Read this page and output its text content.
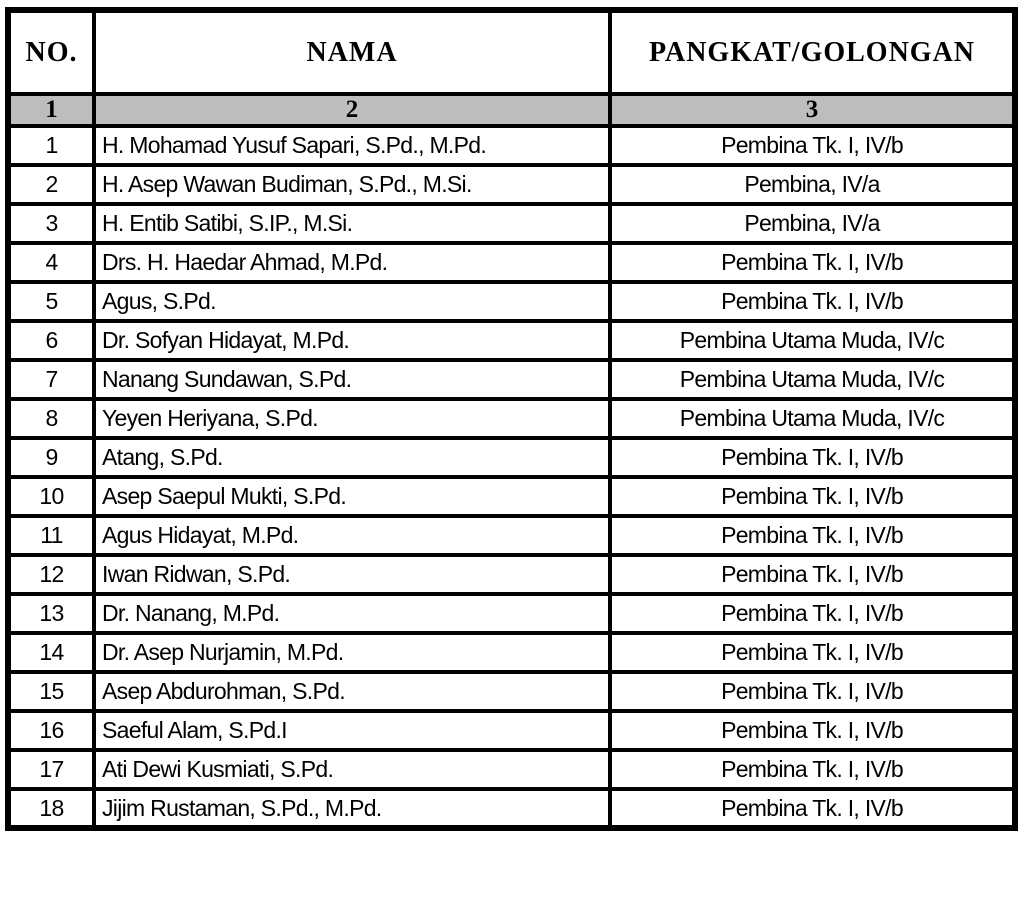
NO.	NAMA	PANGKAT/GOLONGAN
1	2	3
1	H. Mohamad Yusuf Sapari, S.Pd., M.Pd.	Pembina Tk. I, IV/b
2	H. Asep Wawan Budiman, S.Pd., M.Si.	Pembina, IV/a
3	H. Entib Satibi, S.IP., M.Si.	Pembina, IV/a
4	Drs. H. Haedar Ahmad, M.Pd.	Pembina Tk. I, IV/b
5	Agus, S.Pd.	Pembina Tk. I, IV/b
6	Dr. Sofyan Hidayat, M.Pd.	Pembina Utama Muda, IV/c
7	Nanang Sundawan, S.Pd.	Pembina Utama Muda, IV/c
8	Yeyen Heriyana, S.Pd.	Pembina Utama Muda, IV/c
9	Atang, S.Pd.	Pembina Tk. I, IV/b
10	Asep Saepul Mukti, S.Pd.	Pembina Tk. I, IV/b
11	Agus Hidayat, M.Pd.	Pembina Tk. I, IV/b
12	Iwan Ridwan, S.Pd.	Pembina Tk. I, IV/b
13	Dr. Nanang, M.Pd.	Pembina Tk. I, IV/b
14	Dr. Asep Nurjamin, M.Pd.	Pembina Tk. I, IV/b
15	Asep Abdurohman, S.Pd.	Pembina Tk. I, IV/b
16	Saeful Alam, S.Pd.I	Pembina Tk. I, IV/b
17	Ati Dewi Kusmiati, S.Pd.	Pembina Tk. I, IV/b
18	Jijim Rustaman, S.Pd., M.Pd.	Pembina Tk. I, IV/b
